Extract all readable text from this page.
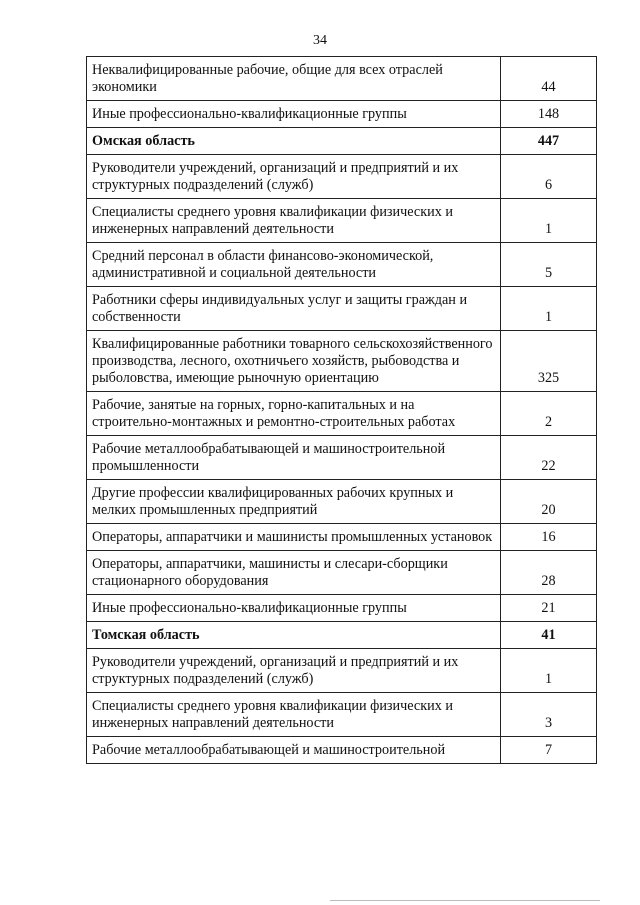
34
Неквалифицированные рабочие, общие для всех отраслей экономики	44
Иные профессионально-квалификационные группы	148
Омская область	447
Руководители учреждений, организаций и предприятий и их структурных подразделений (служб)	6
Специалисты среднего уровня квалификации физических и инженерных направлений деятельности	1
Средний персонал в области финансово-экономической, административной и социальной деятельности	5
Работники сферы индивидуальных услуг и защиты граждан и собственности	1
Квалифицированные работники товарного сельскохозяйственного производства, лесного, охотничьего хозяйств, рыбоводства и рыболовства, имеющие рыночную ориентацию	325
Рабочие, занятые на горных, горно-капитальных и на строительно-монтажных и ремонтно-строительных работах	2
Рабочие металлообрабатывающей и машиностроительной промышленности	22
Другие профессии квалифицированных рабочих крупных и мелких промышленных предприятий	20
Операторы, аппаратчики и машинисты промышленных установок	16
Операторы, аппаратчики, машинисты и слесари-сборщики стационарного оборудования	28
Иные профессионально-квалификационные группы	21
Томская область	41
Руководители учреждений, организаций и предприятий и их структурных подразделений (служб)	1
Специалисты среднего уровня квалификации физических и инженерных направлений деятельности	3
Рабочие металлообрабатывающей и машиностроительной	7
